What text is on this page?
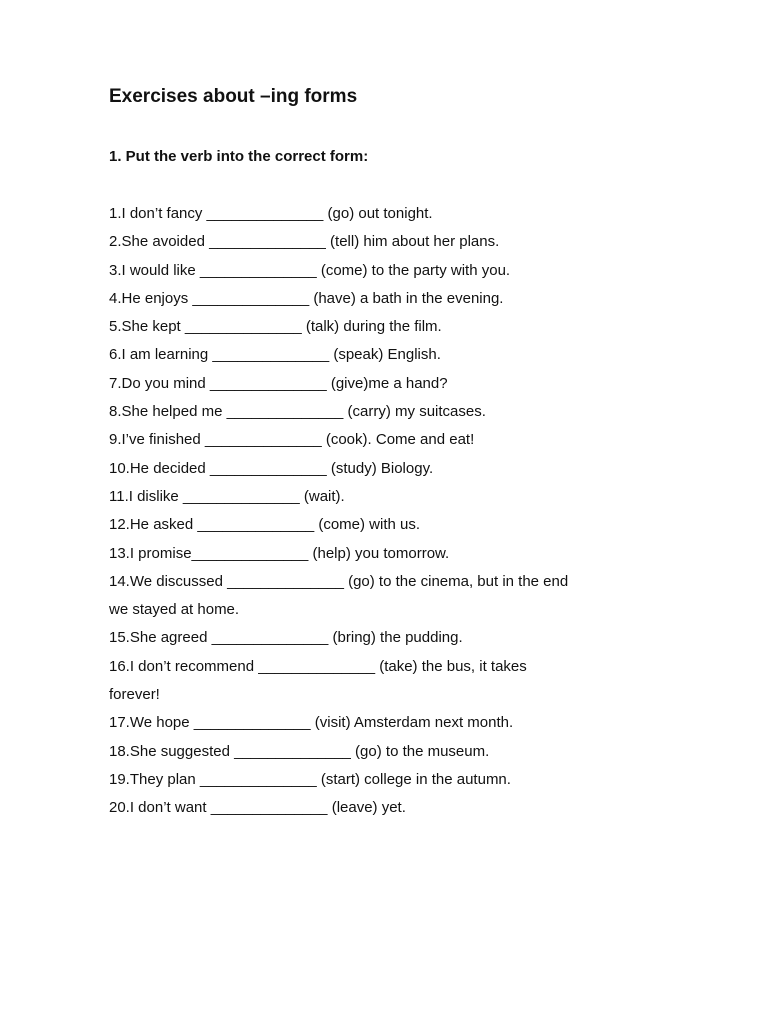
Exercises about –ing forms
1. Put the verb into the correct form:
1.I don’t fancy ______________ (go) out tonight.
2.She avoided ______________ (tell) him about her plans.
3.I would like ______________ (come) to the party with you.
4.He enjoys ______________ (have) a bath in the evening.
5.She kept ______________ (talk) during the film.
6.I am learning ______________ (speak) English.
7.Do you mind ______________ (give)me a hand?
8.She helped me ______________ (carry) my suitcases.
9.I’ve finished ______________ (cook). Come and eat!
10.He decided ______________ (study) Biology.
11.I dislike ______________ (wait).
12.He asked ______________ (come) with us.
13.I promise______________ (help) you tomorrow.
14.We discussed ______________ (go) to the cinema, but in the end
we stayed at home.
15.She agreed ______________ (bring) the pudding.
16.I don’t recommend ______________ (take) the bus, it takes
forever!
17.We hope ______________ (visit) Amsterdam next month.
18.She suggested ______________ (go) to the museum.
19.They plan ______________ (start) college in the autumn.
20.I don’t want ______________ (leave) yet.
